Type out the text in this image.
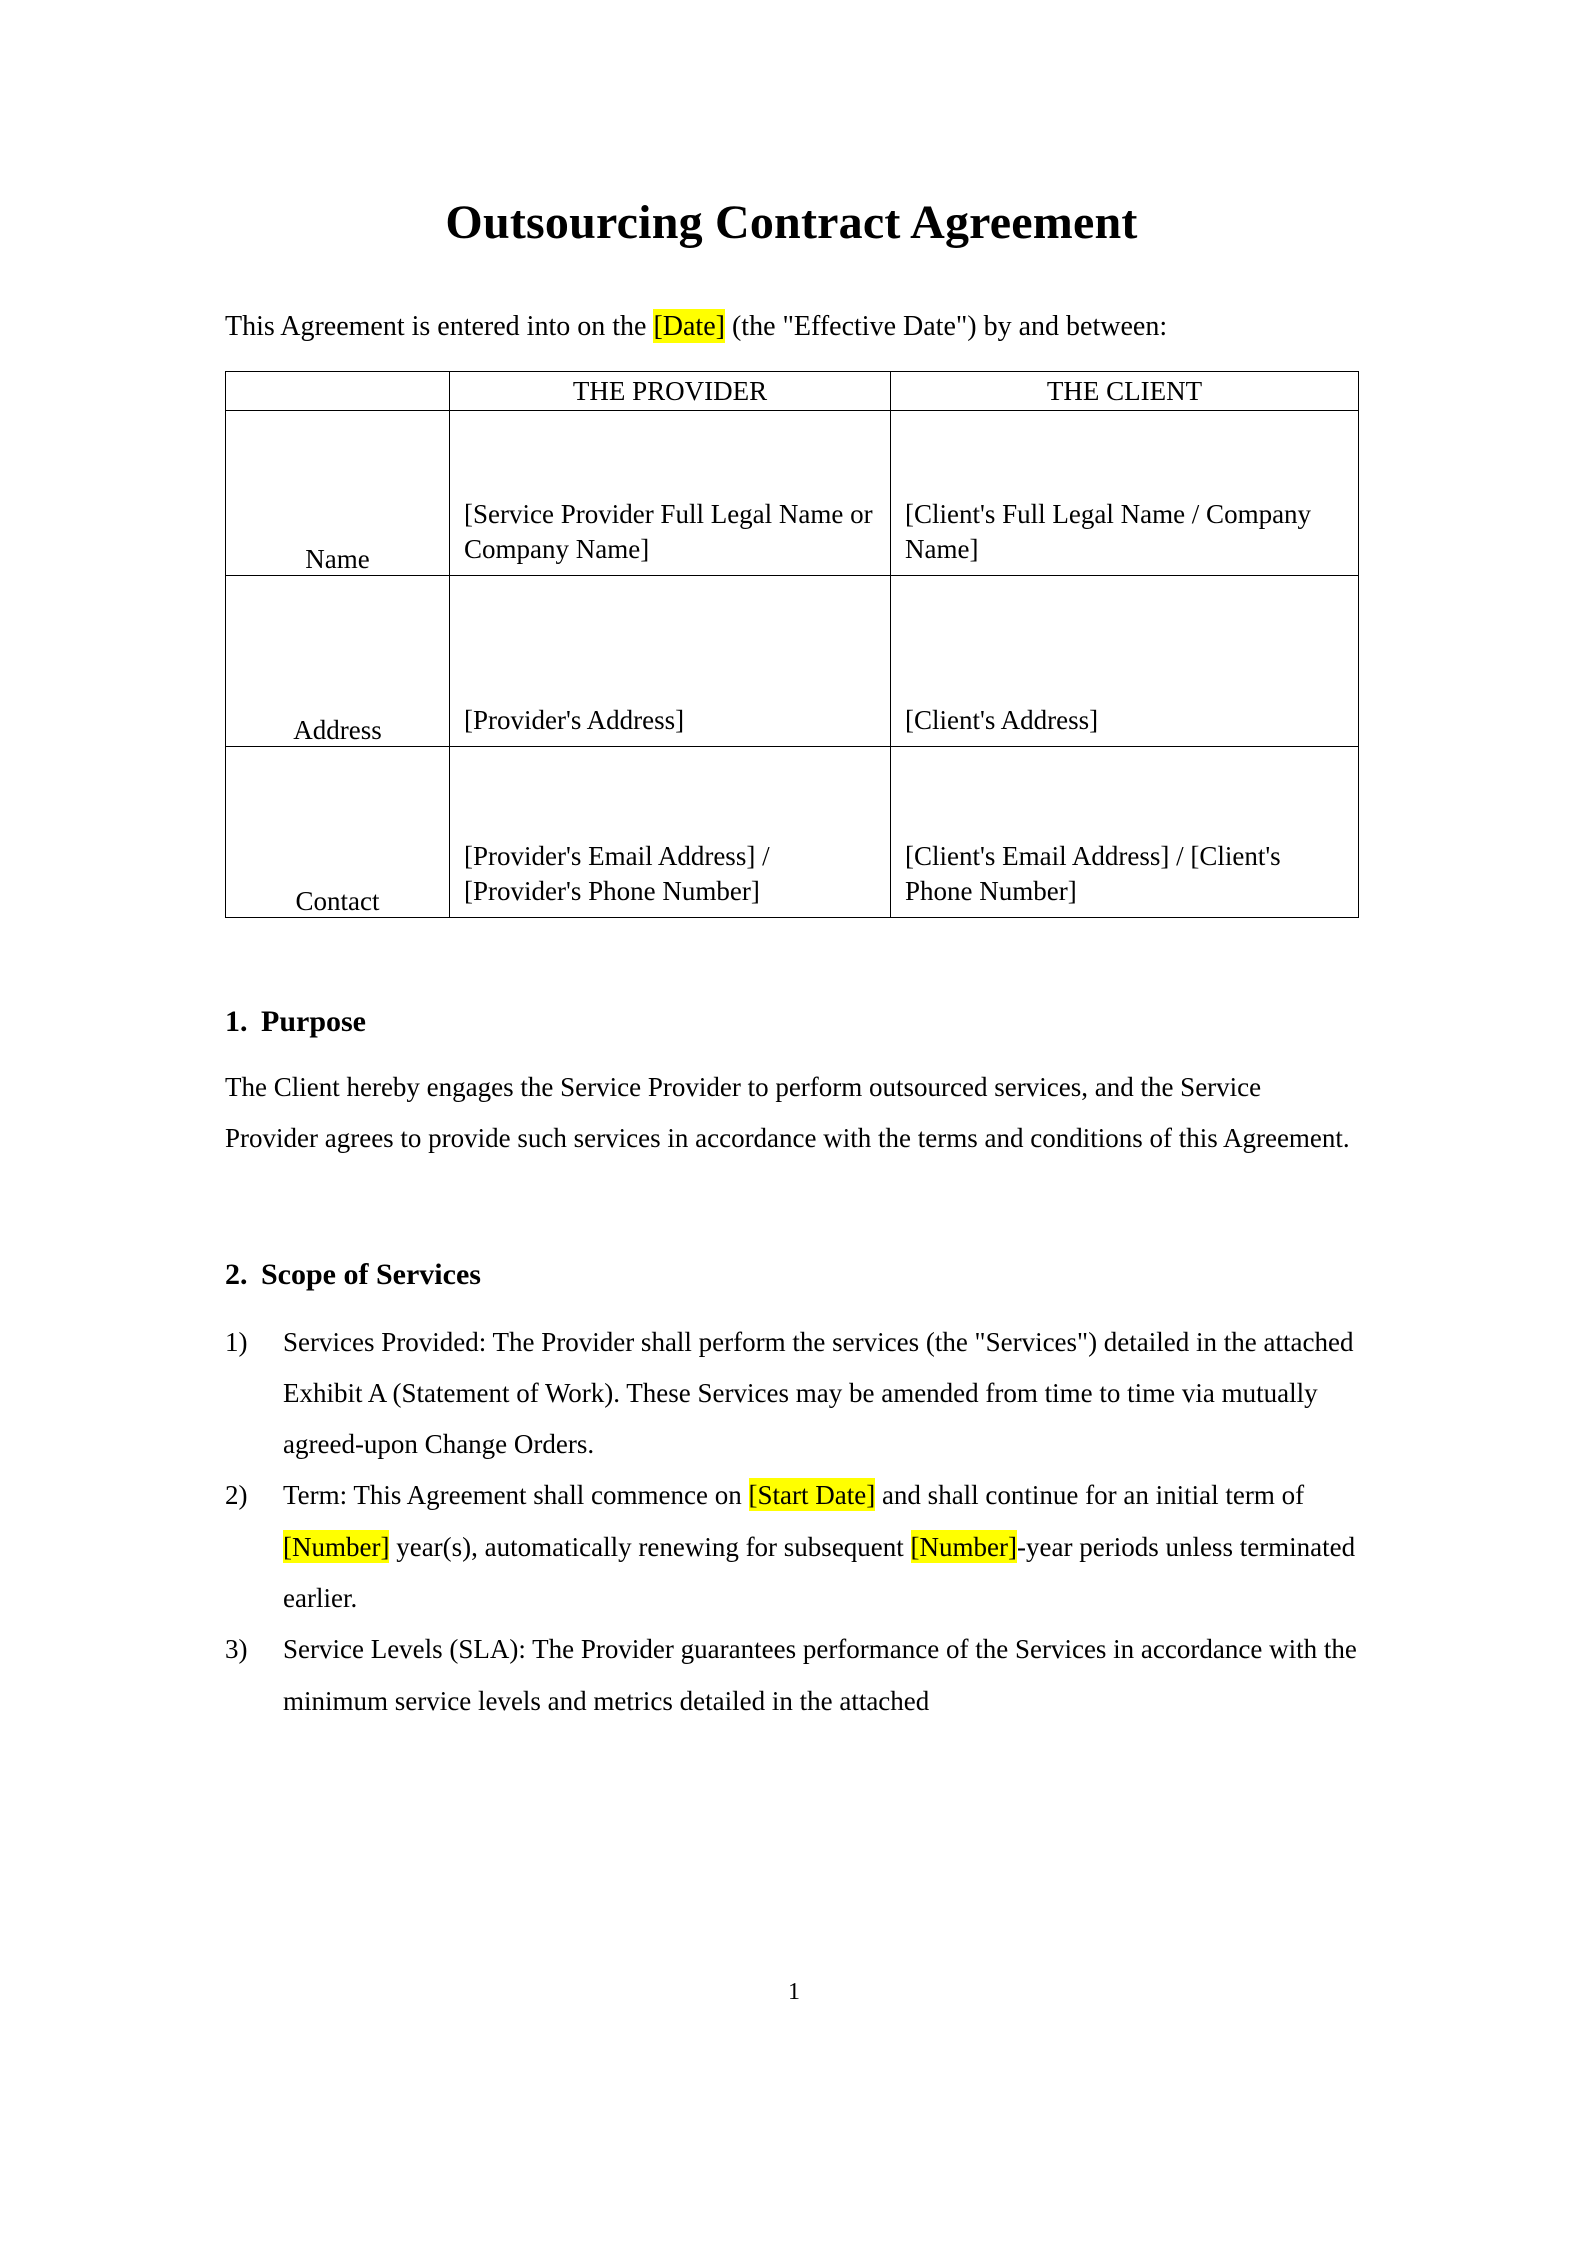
Outsourcing Contract Agreement

This Agreement is entered into on the [Date] (the "Effective Date") by and between:

	THE PROVIDER	THE CLIENT
Name	[Service Provider Full Legal Name or Company Name]	[Client's Full Legal Name / Company Name]

Address	[Provider's Address]	[Client's Address]

Contact	[Provider's Email Address] / [Provider's Phone Number]	[Client's Email Address] / [Client's Phone Number]
1. Purpose

The Client hereby engages the Service Provider to perform outsourced services, and the Service Provider agrees to provide such services in accordance with the terms and conditions of this Agreement.

2. Scope of Services
1)	Services Provided: The Provider shall perform the services (the "Services") detailed in the attached Exhibit A (Statement of Work). These Services may be amended from time to time via mutually agreed-upon Change Orders.
2)	Term: This Agreement shall commence on [Start Date] and shall continue for an initial term of [Number] year(s), automatically renewing for subsequent [Number]-year periods unless terminated earlier.
3)	Service Levels (SLA): The Provider guarantees performance of the Services in accordance with the minimum service levels and metrics detailed in the attached
1
